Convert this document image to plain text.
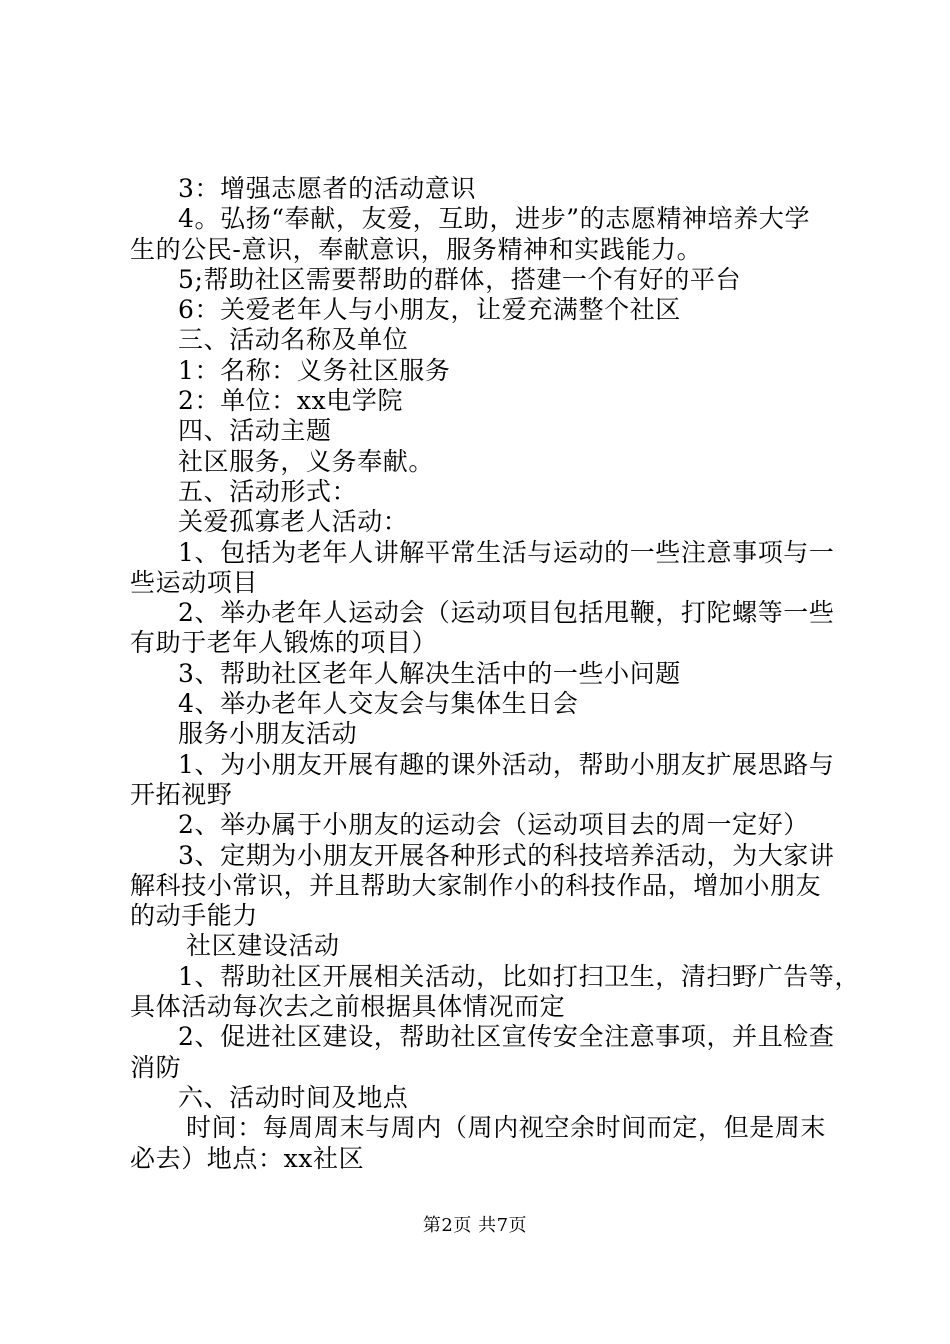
3：增强志愿者的活动意识
4。弘扬“奉献，友爱，互助，进步”的志愿精神培养大学
生的公民-意识，奉献意识，服务精神和实践能力。
5;帮助社区需要帮助的群体，搭建一个有好的平台
6：关爱老年人与小朋友，让爱充满整个社区
三、活动名称及单位
1：名称：义务社区服务
2：单位：xx电学院
四、活动主题
社区服务，义务奉献。
五、活动形式：
关爱孤寡老人活动：
1、包括为老年人讲解平常生活与运动的一些注意事项与一
些运动项目
2、举办老年人运动会（运动项目包括甩鞭，打陀螺等一些
有助于老年人锻炼的项目）
3、帮助社区老年人解决生活中的一些小问题
4、举办老年人交友会与集体生日会
服务小朋友活动
1、为小朋友开展有趣的课外活动，帮助小朋友扩展思路与
开拓视野
2、举办属于小朋友的运动会（运动项目去的周一定好）
3、定期为小朋友开展各种形式的科技培养活动，为大家讲
解科技小常识，并且帮助大家制作小的科技作品，增加小朋友
的动手能力
社区建设活动
1、帮助社区开展相关活动，比如打扫卫生，清扫野广告等，
具体活动每次去之前根据具体情况而定
2、促进社区建设，帮助社区宣传安全注意事项，并且检查
消防
六、活动时间及地点
时间：每周周末与周内（周内视空余时间而定，但是周末
必去）地点：xx社区
第2页 共7页
